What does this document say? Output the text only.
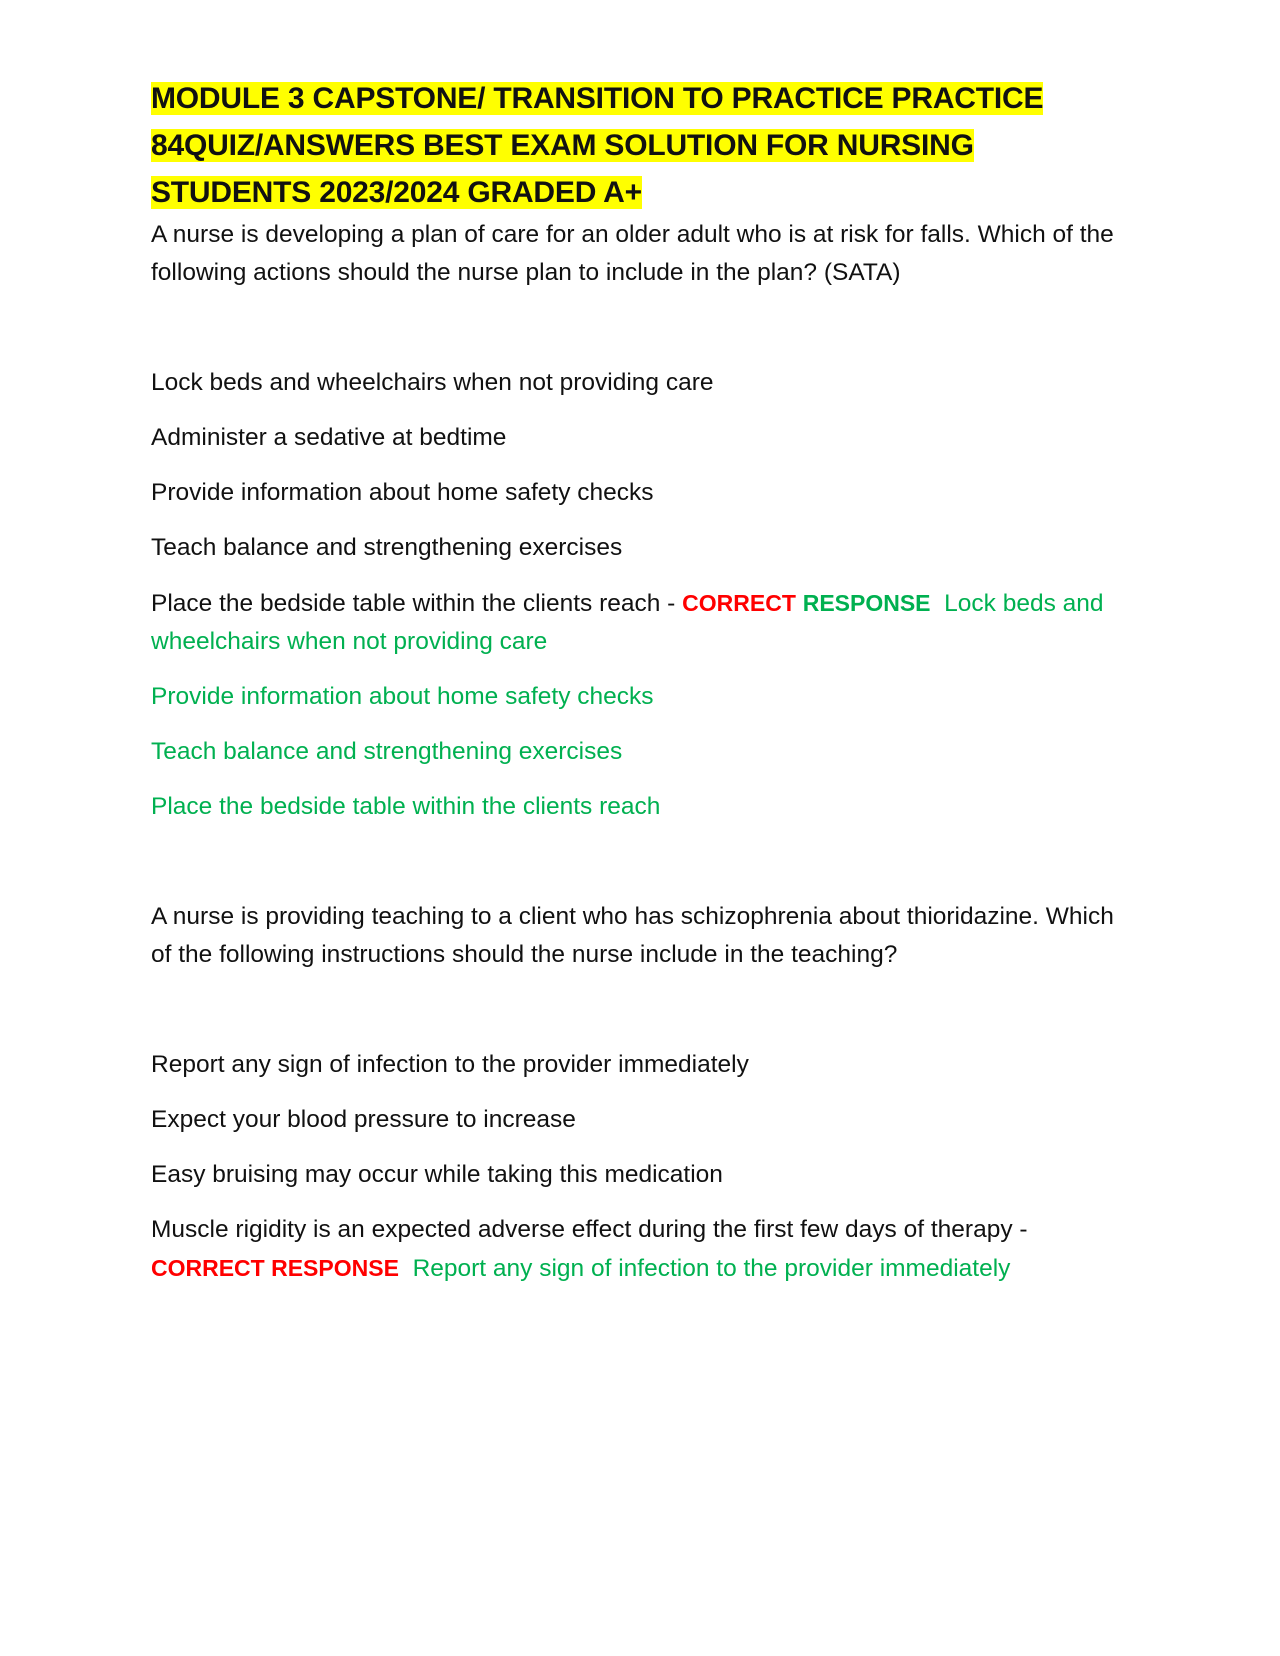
MODULE 3 CAPSTONE/ TRANSITION TO PRACTICE PRACTICE 84QUIZ/ANSWERS BEST EXAM SOLUTION FOR NURSING STUDENTS 2023/2024 GRADED A+

A nurse is developing a plan of care for an older adult who is at risk for falls. Which of the following actions should the nurse plan to include in the plan? (SATA)

Lock beds and wheelchairs when not providing care

Administer a sedative at bedtime

Provide information about home safety checks

Teach balance and strengthening exercises

Place the bedside table within the clients reach - CORRECT RESPONSE Lock beds and wheelchairs when not providing care

Provide information about home safety checks

Teach balance and strengthening exercises

Place the bedside table within the clients reach

A nurse is providing teaching to a client who has schizophrenia about thioridazine. Which of the following instructions should the nurse include in the teaching?

Report any sign of infection to the provider immediately

Expect your blood pressure to increase

Easy bruising may occur while taking this medication

Muscle rigidity is an expected adverse effect during the first few days of therapy - CORRECT RESPONSE Report any sign of infection to the provider immediately
